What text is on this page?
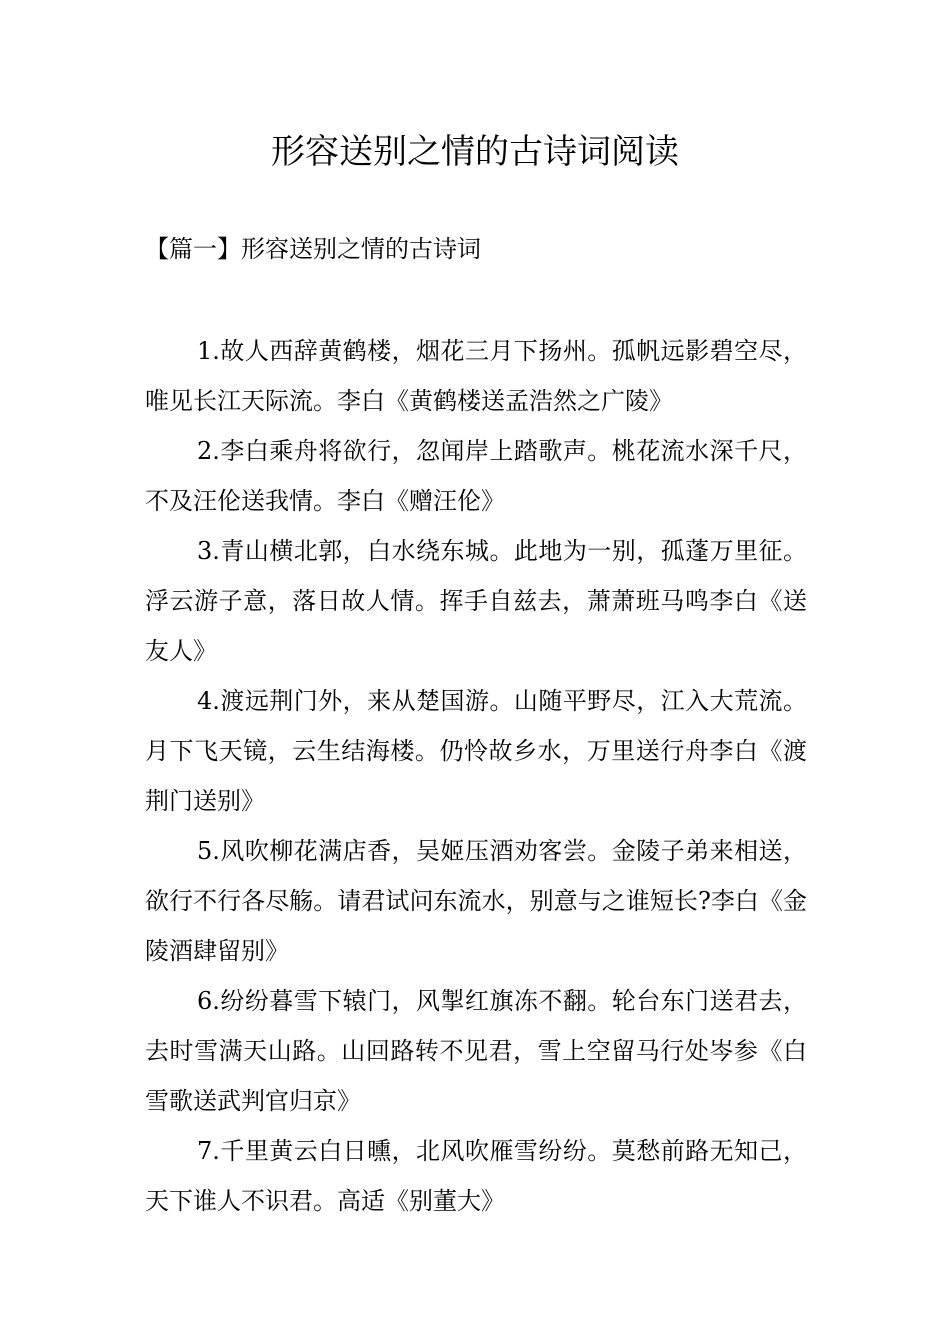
形容送别之情的古诗词阅读
【篇一】形容送别之情的古诗词

1.故人西辞黄鹤楼，烟花三月下扬州。孤帆远影碧空尽，唯见长江天际流。李白《黄鹤楼送孟浩然之广陵》

2.李白乘舟将欲行，忽闻岸上踏歌声。桃花流水深千尺，不及汪伦送我情。李白《赠汪伦》

3.青山横北郭，白水绕东城。此地为一别，孤蓬万里征。浮云游子意，落日故人情。挥手自兹去，萧萧班马鸣李白《送友人》

4.渡远荆门外，来从楚国游。山随平野尽，江入大荒流。月下飞天镜，云生结海楼。仍怜故乡水，万里送行舟李白《渡荆门送别》

5.风吹柳花满店香，吴姬压酒劝客尝。金陵子弟来相送，欲行不行各尽觞。请君试问东流水，别意与之谁短长?李白《金陵酒肆留别》

6.纷纷暮雪下辕门，风掣红旗冻不翻。轮台东门送君去，去时雪满天山路。山回路转不见君，雪上空留马行处岑参《白雪歌送武判官归京》

7.千里黄云白日曛，北风吹雁雪纷纷。莫愁前路无知己，天下谁人不识君。高适《别董大》
